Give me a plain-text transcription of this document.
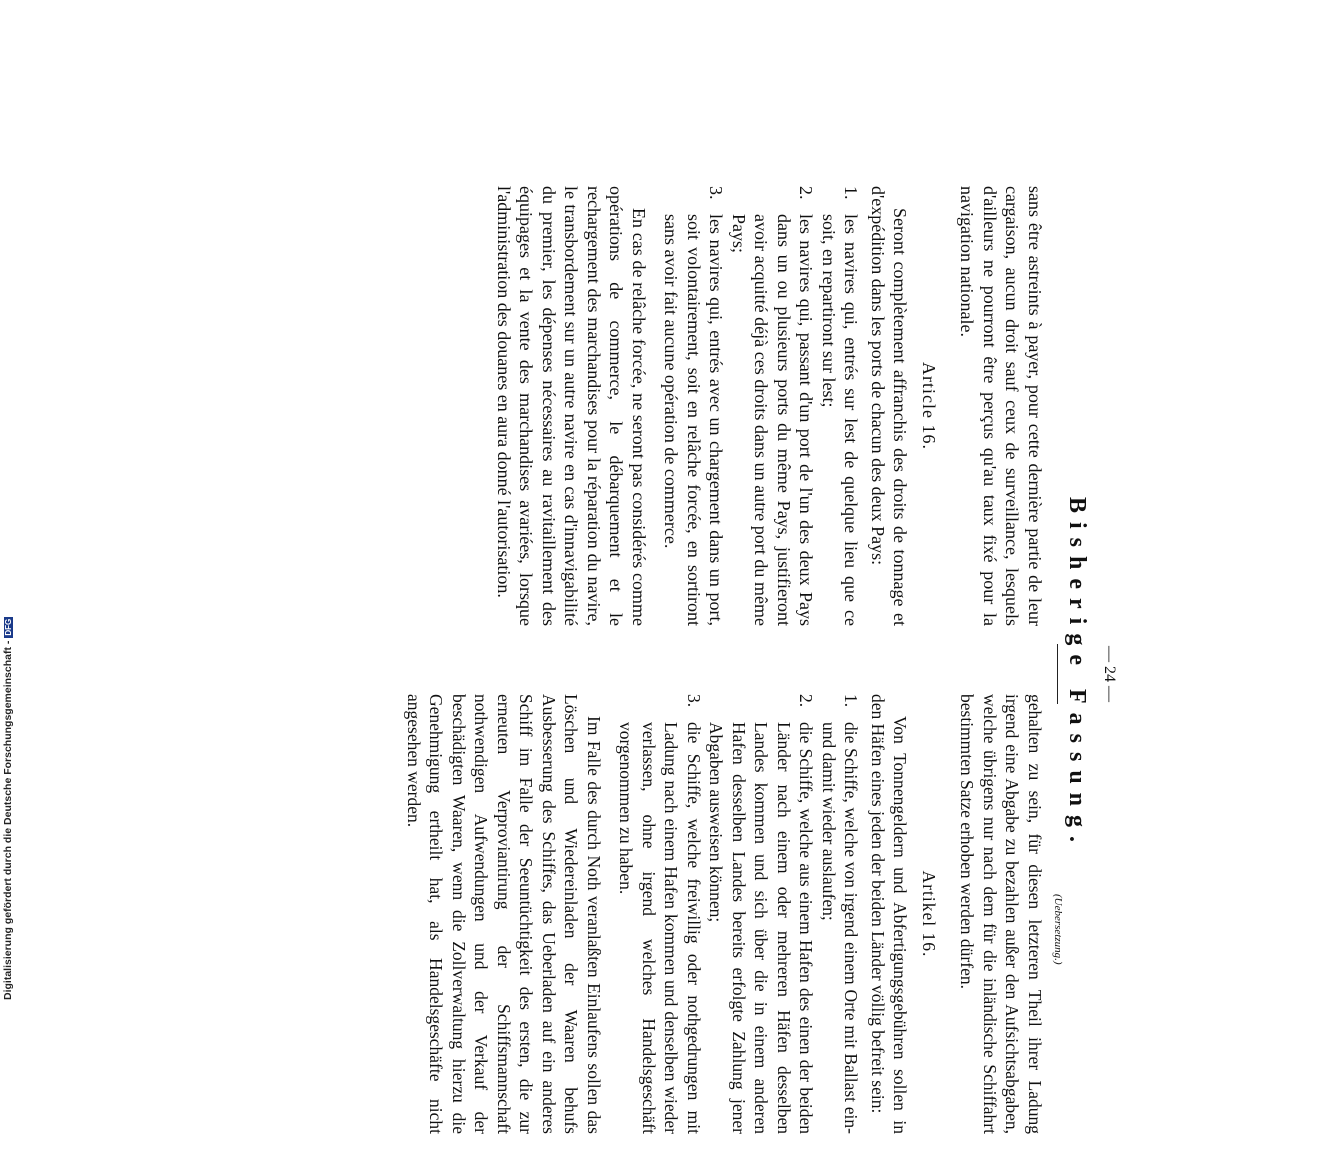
— 24 —
Bisherige Fassung.
(Uebersetzung.)

sans être astreints à payer, pour cette dernière partie de leur cargaison, aucun droit sauf ceux de surveillance, lesquels d'ailleurs ne pourront être perçus qu'au taux fixé pour la navigation nationale.

Article 16.

Seront complètement affranchis des droits de tonnage et d'expédition dans les ports de chacun des deux Pays:

1.
les navires qui, entrés sur lest de quelque lieu que ce soit, en repartiront sur lest;
2.
les navires qui, passant d'un port de l'un des deux Pays dans un ou plusieurs ports du même Pays, justifieront avoir acquitté déjà ces droits dans un autre port du même Pays;
3.
les navires qui, entrés avec un chargement dans un port, soit volontairement, soit en relâche forcée, en sortiront sans avoir fait aucune opération de commerce.

En cas de relâche forcée, ne seront pas considérés comme opérations de commerce, le débarquement et le rechargement des marchandises pour la réparation du navire, le transbordement sur un autre navire en cas d'innavigabilité du premier, les dépenses nécessaires au ravitaillement des équipages et la vente des marchandises avariées, lorsque l'administration des douanes en aura donné l'autorisation.

gehalten zu sein, für diesen letzteren Theil ihrer Ladung irgend eine Abgabe zu bezahlen außer den Aufsichtsabgaben, welche übrigens nur nach dem für die inländische Schiffahrt bestimmten Satze erhoben werden dürfen.

Artikel 16.

Von Tonnengeldern und Abfertigungsgebühren sollen in den Häfen eines jeden der beiden Länder völlig befreit sein:

1.
die Schiffe, welche von irgend einem Orte mit Ballast ein- und damit wieder auslaufen;
2.
die Schiffe, welche aus einem Hafen des einen der beiden Länder nach einem oder mehreren Häfen desselben Landes kommen und sich über die in einem anderen Hafen desselben Landes bereits erfolgte Zahlung jener Abgaben ausweisen können;
3.
die Schiffe, welche freiwillig oder nothgedrungen mit Ladung nach einem Hafen kommen und denselben wieder verlassen, ohne irgend welches Handelsgeschäft vorgenommen zu haben.

Im Falle des durch Noth veranlaßten Einlaufens sollen das Löschen und Wiedereinladen der Waaren behufs Ausbesserung des Schiffes, das Ueberladen auf ein anderes Schiff im Falle der Seeuntüchtigkeit des ersten, die zur erneuten Verproviantirung der Schiffsmannschaft nothwendigen Aufwendungen und der Verkauf der beschädigten Waaren, wenn die Zollverwaltung hierzu die Genehmigung ertheilt hat, als Handelsgeschäfte nicht angesehen werden.

Digitalisierung gefördert durch die Deutsche Forschungsgemeinschaft -DFG
